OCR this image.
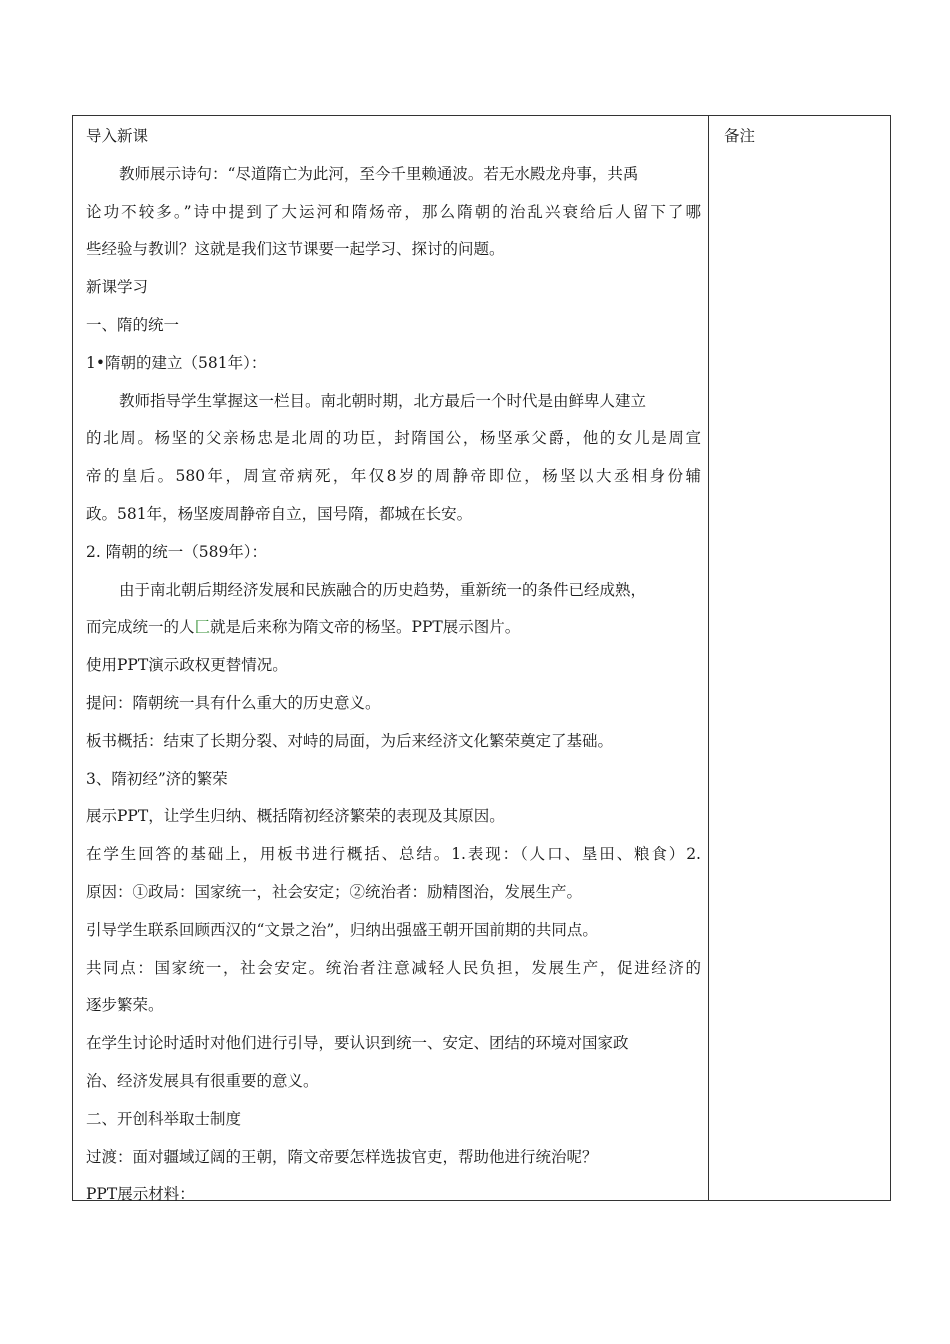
导入新课
教师展示诗句：“尽道隋亡为此河，至今千里赖通波。若无水殿龙舟事，共禹
论功不较多。”诗中提到了大运河和隋炀帝，那么隋朝的治乱兴衰给后人留下了哪
些经验与教训？这就是我们这节课要一起学习、探讨的问题。
新课学习
一、隋的统一
1•隋朝的建立（581年）：
教师指导学生掌握这一栏目。南北朝时期，北方最后一个时代是由鲜卑人建立
的北周。杨坚的父亲杨忠是北周的功臣，封隋国公，杨坚承父爵，他的女儿是周宣
帝的皇后。580年，周宣帝病死，年仅8岁的周静帝即位，杨坚以大丞相身份辅
政。581年，杨坚废周静帝自立，国号隋，都城在长安。
2. 隋朝的统一（589年）：
由于南北朝后期经济发展和民族融合的历史趋势，重新统一的条件已经成熟，
而完成统一的人匚就是后来称为隋文帝的杨坚。PPT展示图片。
使用PPT演示政权更替情况。
提问：隋朝统一具有什么重大的历史意义。
板书概括：结束了长期分裂、对峙的局面，为后来经济文化繁荣奠定了基础。
3、隋初经”济的繁荣
展示PPT，让学生归纳、概括隋初经济繁荣的表现及其原因。
在学生回答的基础上，用板书进行概括、总结。1.表现：（人口、垦田、粮食）2.
原因：①政局：国家统一，社会安定；②统治者：励精图治，发展生产。
引导学生联系回顾西汉的“文景之治”，归纳出强盛王朝开国前期的共同点。
共同点：国家统一，社会安定。统治者注意减轻人民负担，发展生产，促进经济的
逐步繁荣。
在学生讨论时适时对他们进行引导，要认识到统一、安定、团结的环境对国家政
治、经济发展具有很重要的意义。
二、开创科举取士制度
过渡：面对疆域辽阔的王朝，隋文帝要怎样选拔官吏，帮助他进行统治呢？
PPT展示材料：
备注
